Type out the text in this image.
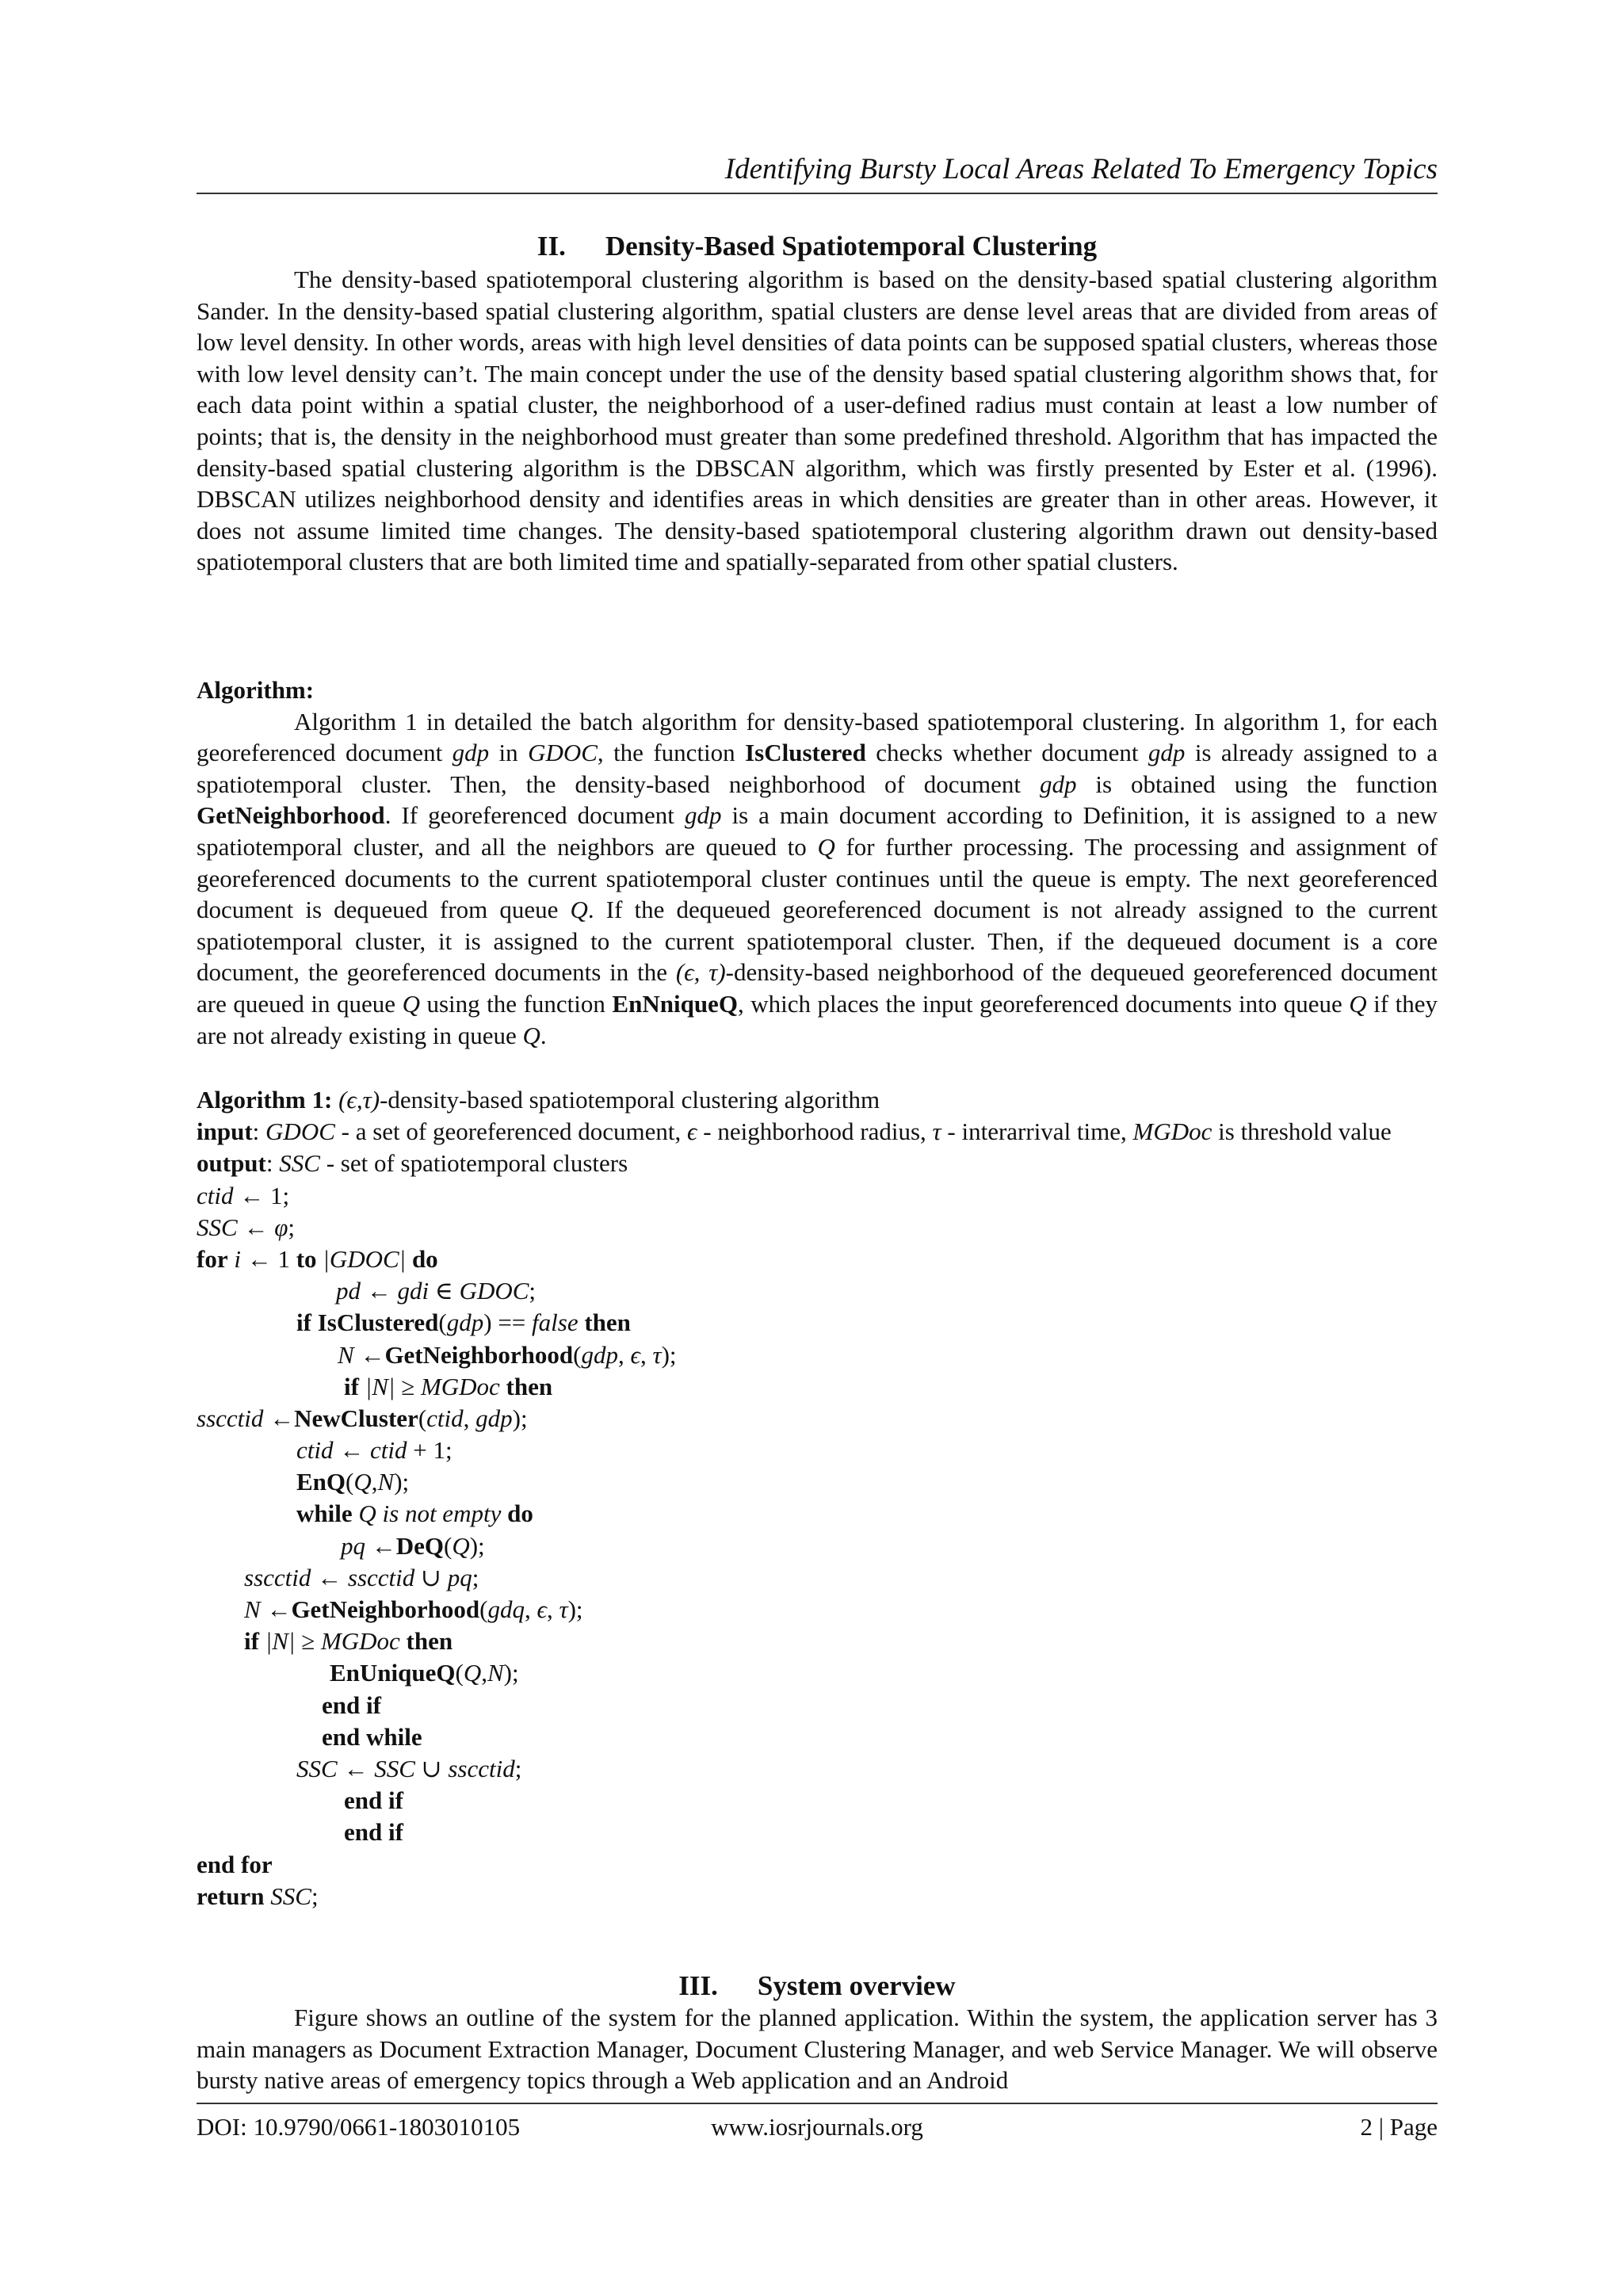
Identifying Bursty Local Areas Related To Emergency Topics
II. Density-Based Spatiotemporal Clustering

The density-based spatiotemporal clustering algorithm is based on the density-based spatial clustering algorithm Sander. In the density-based spatial clustering algorithm, spatial clusters are dense level areas that are divided from areas of low level density. In other words, areas with high level densities of data points can be supposed spatial clusters, whereas those with low level density can’t. The main concept under the use of the density based spatial clustering algorithm shows that, for each data point within a spatial cluster, the neighborhood of a user-defined radius must contain at least a low number of points; that is, the density in the neighborhood must greater than some predefined threshold. Algorithm that has impacted the density-based spatial clustering algorithm is the DBSCAN algorithm, which was firstly presented by Ester et al. (1996). DBSCAN utilizes neighborhood density and identifies areas in which densities are greater than in other areas. However, it does not assume limited time changes. The density-based spatiotemporal clustering algorithm drawn out density-based spatiotemporal clusters that are both limited time and spatially-separated from other spatial clusters.

Algorithm:

Algorithm 1 in detailed the batch algorithm for density-based spatiotemporal clustering. In algorithm 1, for each georeferenced document gdp in GDOC, the function IsClustered checks whether document gdp is already assigned to a spatiotemporal cluster. Then, the density-based neighborhood of document gdp is obtained using the function GetNeighborhood. If georeferenced document gdp is a main document according to Definition, it is assigned to a new spatiotemporal cluster, and all the neighbors are queued to Q for further processing. The processing and assignment of georeferenced documents to the current spatiotemporal cluster continues until the queue is empty. The next georeferenced document is dequeued from queue Q. If the dequeued georeferenced document is not already assigned to the current spatiotemporal cluster, it is assigned to the current spatiotemporal cluster. Then, if the dequeued document is a core document, the georeferenced documents in the (ϵ, τ)-density-based neighborhood of the dequeued georeferenced document are queued in queue Q using the function EnNniqueQ, which places the input georeferenced documents into queue Q if they are not already existing in queue Q.

Algorithm 1: (ϵ,τ)-density-based spatiotemporal clustering algorithm
input: GDOC - a set of georeferenced document, ϵ - neighborhood radius, τ - interarrival time, MGDoc is threshold value
output: SSC - set of spatiotemporal clusters
ctid ← 1;
SSC ← φ;
for i ← 1 to |GDOC| do
pd ← gdi ∈ GDOC;
if IsClustered(gdp) == false then
N ←GetNeighborhood(gdp, ϵ, τ);
if |N| ≥ MGDoc then
sscctid ←NewCluster(ctid, gdp);
ctid ← ctid + 1;
EnQ(Q,N);
while Q is not empty do
pq ←DeQ(Q);
sscctid ← sscctid ∪ pq;
N ←GetNeighborhood(gdq, ϵ, τ);
if |N| ≥ MGDoc then
EnUniqueQ(Q,N);
end if
end while
SSC ← SSC ∪ sscctid;
end if
end if
end for
return SSC;
III. System overview

Figure shows an outline of the system for the planned application. Within the system, the application server has 3 main managers as Document Extraction Manager, Document Clustering Manager, and web Service Manager. We will observe bursty native areas of emergency topics through a Web application and an Android

DOI: 10.9790/0661-1803010105	www.iosrjournals.org	2 | Page
